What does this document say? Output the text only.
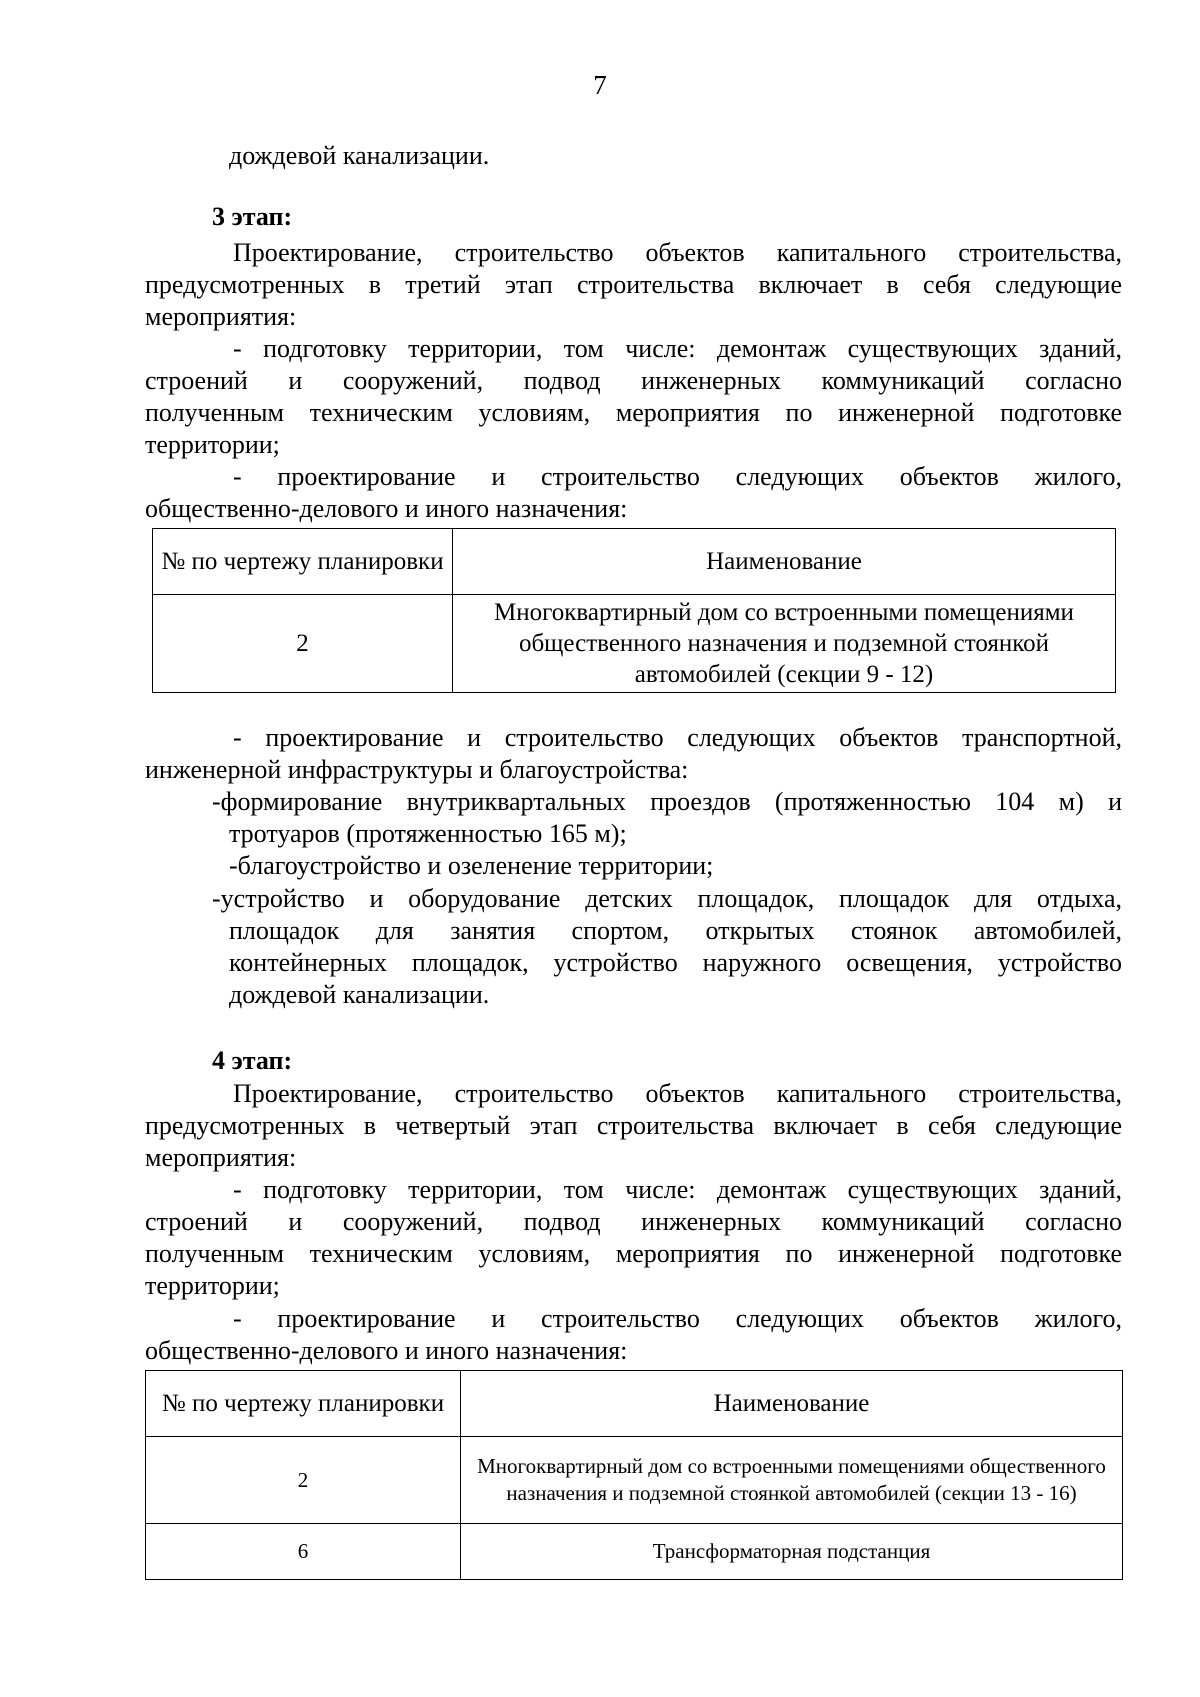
7
дождевой канализации.
3 этап:
Проектирование, строительство объектов капитального строительства,
предусмотренных в третий этап строительства включает в себя следующие
мероприятия:
- подготовку территории, том числе: демонтаж существующих зданий,
строений и сооружений, подвод инженерных коммуникаций согласно
полученным техническим условиям, мероприятия по инженерной подготовке
территории;
- проектирование и строительство следующих объектов жилого,
общественно-делового и иного назначения:
№ по чертежу планировки	Наименование
2	Многоквартирный дом со встроенными помещениями общественного назначения и подземной стоянкой автомобилей (секции 9 - 12)
- проектирование и строительство следующих объектов транспортной,
инженерной инфраструктуры и благоустройства:
-формирование внутриквартальных проездов (протяженностью 104 м) и
тротуаров (протяженностью 165 м);
-благоустройство и озеленение территории;
-устройство и оборудование детских площадок, площадок для отдыха,
площадок для занятия спортом, открытых стоянок автомобилей,
контейнерных площадок, устройство наружного освещения, устройство
дождевой канализации.
4 этап:
Проектирование, строительство объектов капитального строительства,
предусмотренных в четвертый этап строительства включает в себя следующие
мероприятия:
- подготовку территории, том числе: демонтаж существующих зданий,
строений и сооружений, подвод инженерных коммуникаций согласно
полученным техническим условиям, мероприятия по инженерной подготовке
территории;
- проектирование и строительство следующих объектов жилого,
общественно-делового и иного назначения:
№ по чертежу планировки	Наименование
2	Многоквартирный дом со встроенными помещениями общественного назначения и подземной стоянкой автомобилей (секции 13 - 16)
6	Трансформаторная подстанция
